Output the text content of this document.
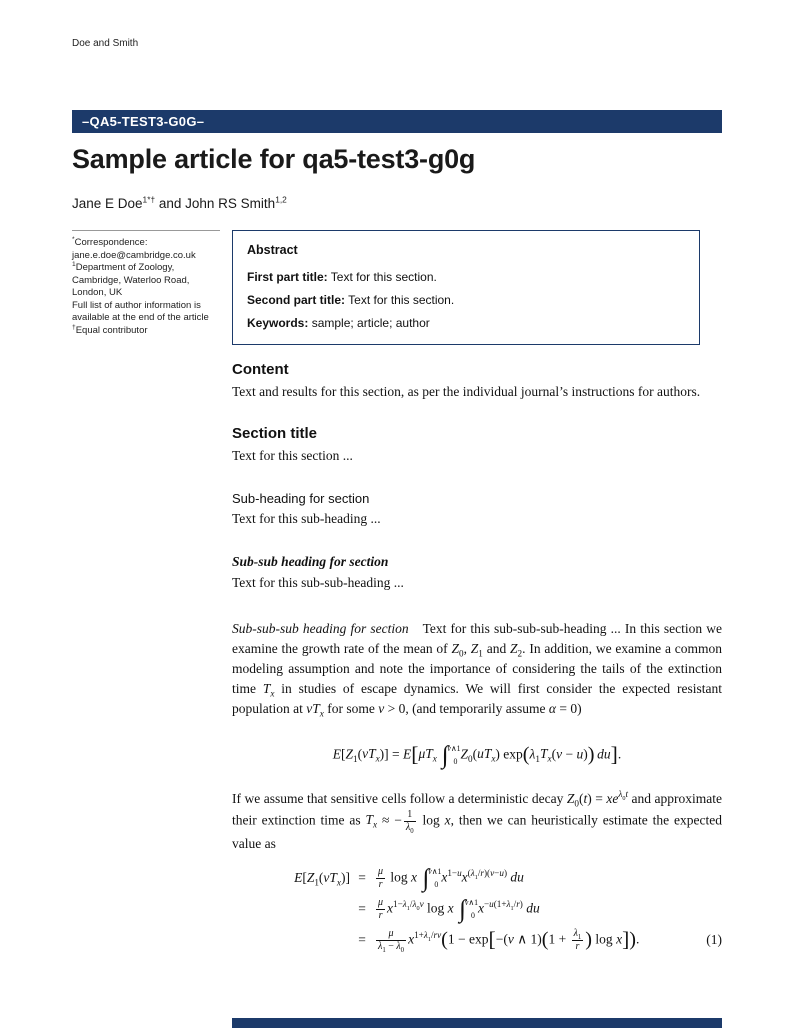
Doe and Smith
–QA5-TEST3-G0G–
Sample article for qa5-test3-g0g
Jane E Doe$^{1*\dagger}$ and John RS Smith$^{1,2}$

*Correspondence:

jane.e.doe@cambridge.co.uk

$^1$Department of Zoology, Cambridge, Waterloo Road, London, UK

Full list of author information is available at the end of the article

†Equal contributor

Abstract

First part title: Text for this section.

Second part title: Text for this section.

Keywords: sample; article; author

Content

Text and results for this section, as per the individual journal’s instructions for authors.

Section title

Text for this section ...

Sub-heading for section

Text for this sub-heading ...

Sub-sub heading for section

Text for this sub-sub-heading ...

Sub-sub-sub heading for section Text for this sub-sub-sub-heading ... In this section we examine the growth rate of the mean of $Z_0$, $Z_1$ and $Z_2$. In addition, we examine a common modeling assumption and note the importance of considering the tails of the extinction time $T_x$ in studies of escape dynamics. We will first consider the expected resistant population at $vT_x$ for some v > 0, (and temporarily assume α = 0)

$E[Z_1(vT_x)] = E[\mu T_x$  $\int^{v\wedge 1}_0Z_0(uT_x) \exp(\lambda_1T_x(v - u))$  du].

If we assume that sensitive cells follow a deterministic decay $Z_0(t) = xe^{\lambda_0t}$ and approximate their extinction time as $T_x$ ≈ − $\frac{1}{\lambda_0}$ log x, then we can heuristically estimate the expected value as

$E[Z_1(vT_x)]$ =	$\frac{\mu}{r}$ log x $\int^{v\wedge 1}_0x^{1-u}x^{(\lambda_1/r)(v-u)}$ du
=	$\frac{\mu}{r} x^{1-\lambda_1/\lambda_0v}$ log x $\int^{v\wedge 1}_0x^{-u(1+\lambda_1/r)}$ du
=	$\frac{\mu}{\lambda_1 - \lambda_0} x^{1+\lambda_1/rv}(1 - \exp[-(v$ ∧ $1)(1 + \frac{\lambda_1}{r}$ ) log x]).	(1)
